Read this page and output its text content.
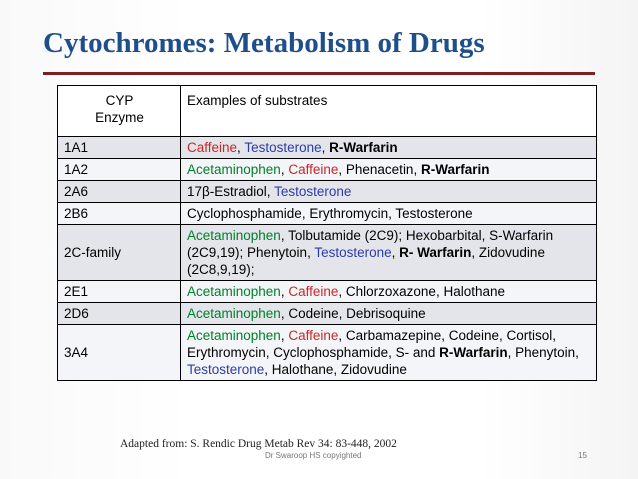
Cytochromes: Metabolism of Drugs
CYP
Enzyme	Examples of substrates
1A1	Caffeine, Testosterone, R-Warfarin
1A2	Acetaminophen, Caffeine, Phenacetin, R-Warfarin
2A6	17β-Estradiol, Testosterone
2B6	Cyclophosphamide, Erythromycin, Testosterone
2C-family	Acetaminophen, Tolbutamide (2C9); Hexobarbital, S-Warfarin (2C9,19); Phenytoin, Testosterone, R- Warfarin, Zidovudine (2C8,9,19);
2E1	Acetaminophen, Caffeine, Chlorzoxazone, Halothane
2D6	Acetaminophen, Codeine, Debrisoquine
3A4	Acetaminophen, Caffeine, Carbamazepine, Codeine, Cortisol, Erythromycin, Cyclophosphamide, S- and R-Warfarin, Phenytoin, Testosterone, Halothane, Zidovudine
Adapted from: S. Rendic Drug Metab Rev 34: 83-448, 2002
Dr Swaroop HS copyighted	15
